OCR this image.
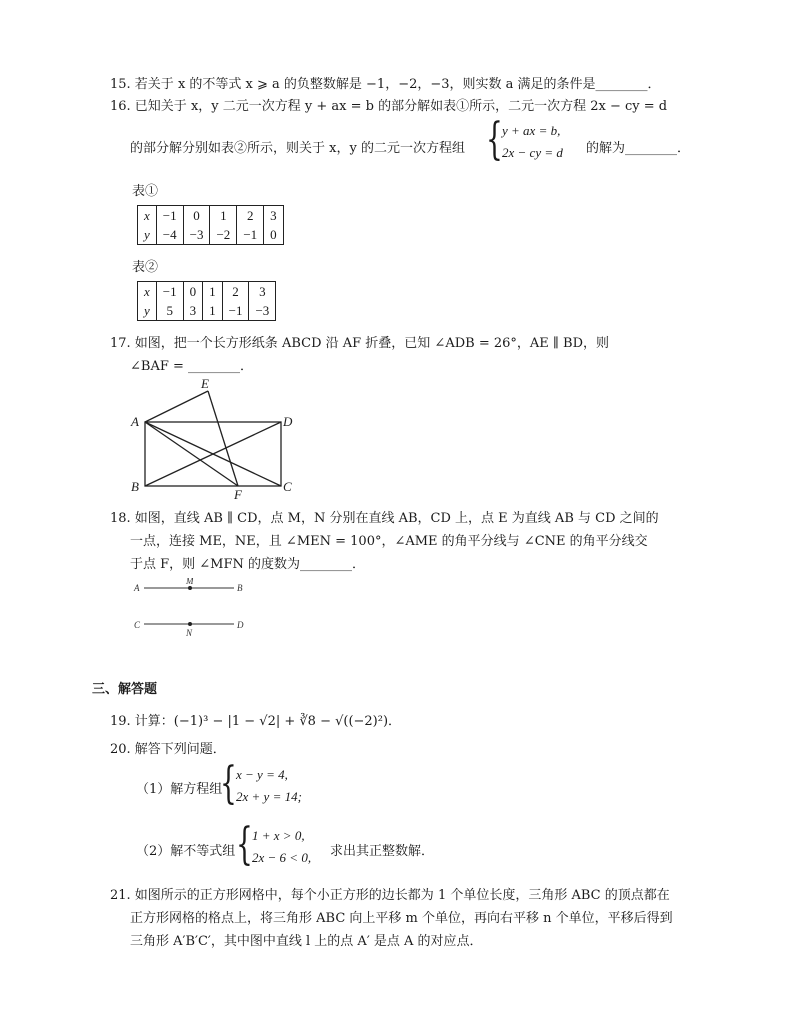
15. 若关于 x 的不等式 x ⩾ a 的负整数解是 −1，−2，−3，则实数 a 满足的条件是________．
16. 已知关于 x，y 二元一次方程 y + ax = b 的部分解如表①所示，二元一次方程 2x − cy = d
的部分解分别如表②所示，则关于 x，y 的二元一次方程组 { y + ax = b,
2x − cy = d 的解为________．
表①
x	−1	0	1	2	3
y	−4	−3	−2	−1	0
表②
x	−1	0	1	2	3
y	5	3	1	−1	−3
17. 如图，把一个长方形纸条 ABCD 沿 AF 折叠，已知 ∠ADB = 26°，AE ∥ BD，则
∠BAF = ________．
A
B	C
D
E
F
18. 如图，直线 AB ∥ CD，点 M，N 分别在直线 AB，CD 上，点 E 为直线 AB 与 CD 之间的
一点，连接 ME，NE，且 ∠MEN = 100°，∠AME 的角平分线与 ∠CNE 的角平分线交
于点 F，则 ∠MFN 的度数为________．
A	B
C	D
M
N
三、解答题
19. 计算：(−1)³ − |1 − √2| + ∛8 − √((−2)²)．
20. 解答下列问题．
（1）解方程组
{ x − y = 4,
2x + y = 14;
（2）解不等式组 { 1 + x > 0,
2x − 6 < 0, 求出其正整数解．
21. 如图所示的正方形网格中，每个小正方形的边长都为 1 个单位长度，三角形 ABC 的顶点都在
正方形网格的格点上，将三角形 ABC 向上平移 m 个单位，再向右平移 n 个单位，平移后得到
三角形 A′B′C′，其中图中直线 l 上的点 A′ 是点 A 的对应点．
